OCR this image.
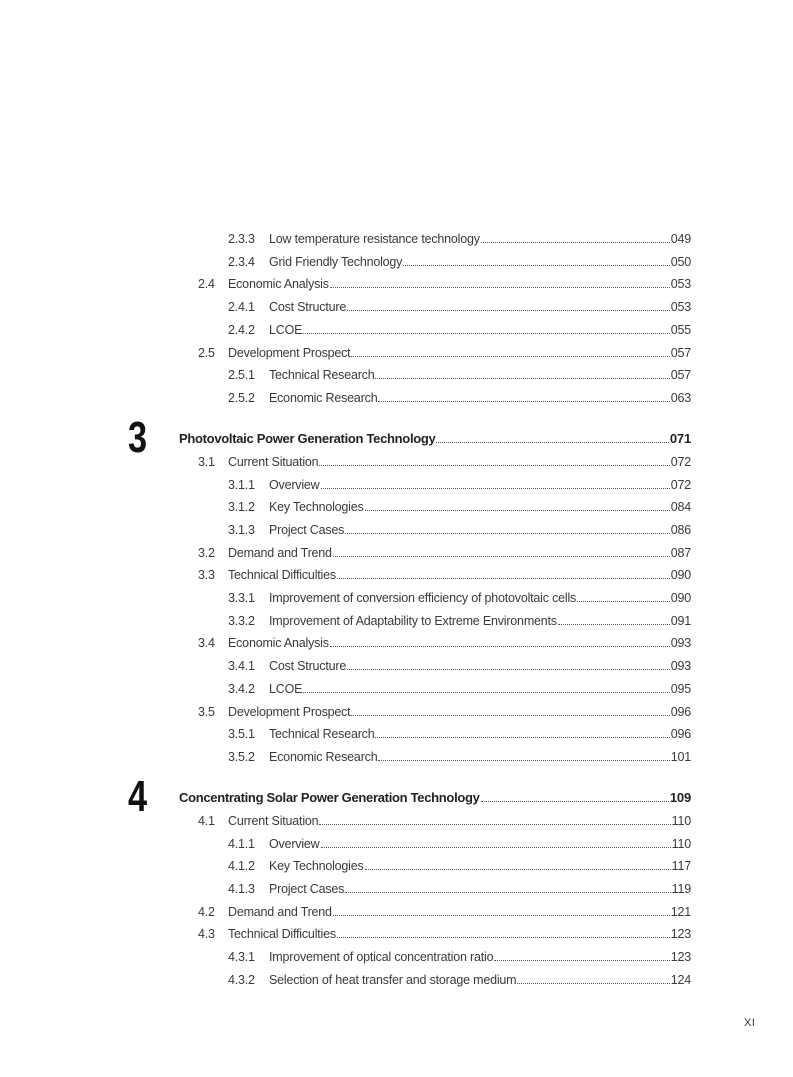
2.3.3	Low temperature resistance technology	049
2.3.4	Grid Friendly Technology	050
2.4	Economic Analysis	053
2.4.1	Cost Structure	053
2.4.2	LCOE	055
2.5	Development Prospect	057
2.5.1	Technical Research	057
2.5.2	Economic Research	063
3	Photovoltaic Power Generation Technology	071
3.1	Current Situation	072
3.1.1	Overview	072
3.1.2	Key Technologies	084
3.1.3	Project Cases	086
3.2	Demand and Trend	087
3.3	Technical Difficulties	090
3.3.1	Improvement of conversion efficiency of photovoltaic cells	090
3.3.2	Improvement of Adaptability to Extreme Environments	091
3.4	Economic Analysis	093
3.4.1	Cost Structure	093
3.4.2	LCOE	095
3.5	Development Prospect	096
3.5.1	Technical Research	096
3.5.2	Economic Research	101
4	Concentrating Solar Power Generation Technology	109
4.1	Current Situation	110
4.1.1	Overview	110
4.1.2	Key Technologies	117
4.1.3	Project Cases	119
4.2	Demand and Trend	121
4.3	Technical Difficulties	123
4.3.1	Improvement of optical concentration ratio	123
4.3.2	Selection of heat transfer and storage medium	124
XI
